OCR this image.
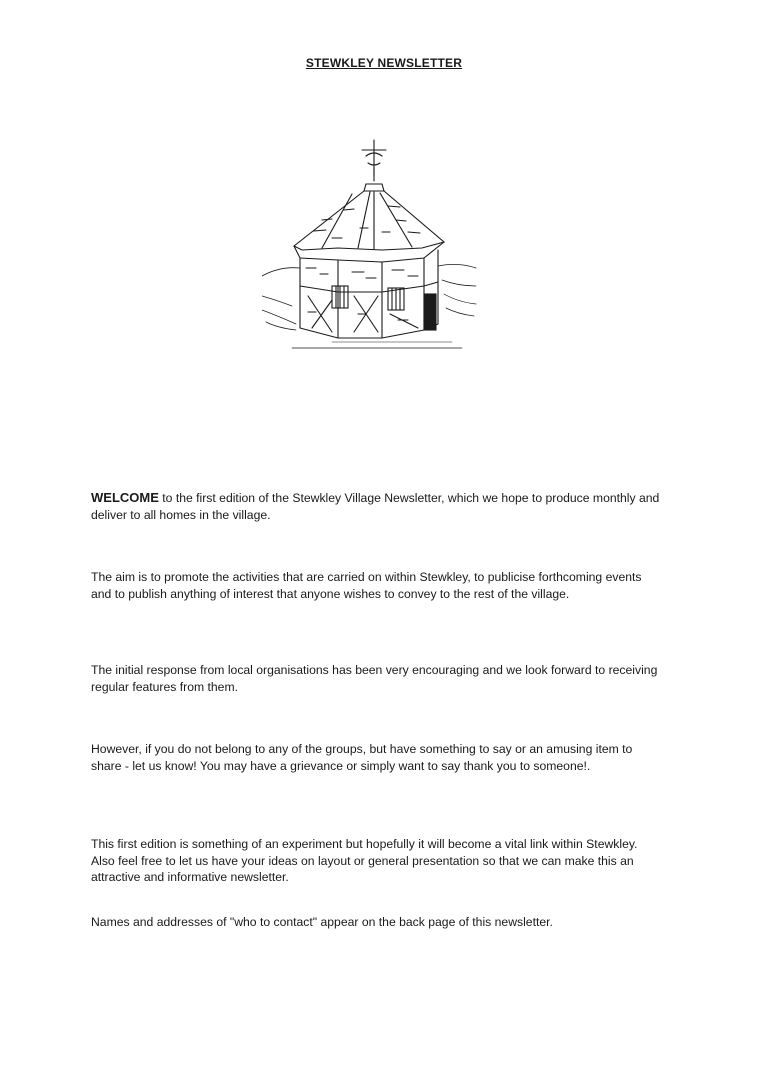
STEWKLEY NEWSLETTER

WELCOME to the first edition of the Stewkley Village Newsletter, which we hope to produce monthly and deliver to all homes in the village.

The aim is to promote the activities that are carried on within Stewkley, to publicise forthcoming events and to publish anything of interest that anyone wishes to convey to the rest of the village.

The initial response from local organisations has been very encouraging and we look forward to receiving regular features from them.

However, if you do not belong to any of the groups, but have something to say or an amusing item to share - let us know! You may have a grievance or simply want to say thank you to someone!.

This first edition is something of an experiment but hopefully it will become a vital link within Stewkley. Also feel free to let us have your ideas on layout or general presentation so that we can make this an attractive and informative newsletter.

Names and addresses of "who to contact" appear on the back page of this newsletter.
